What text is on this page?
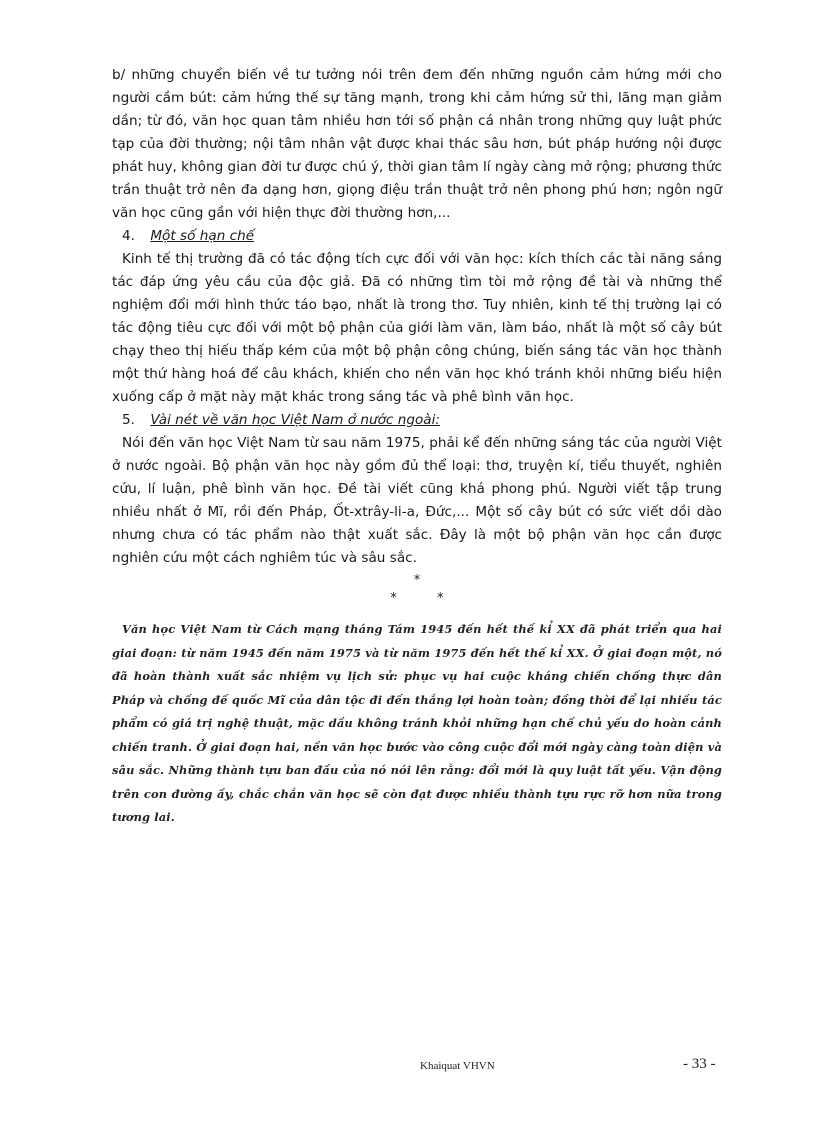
b/ những chuyển biến về tư tưởng nói trên đem đến những nguồn cảm hứng mới cho người cầm bút: cảm hứng thế sự tăng mạnh, trong khi cảm hứng sử thi, lãng mạn giảm dần; từ đó, văn học quan tâm nhiều hơn tới số phận cá nhân trong những quy luật phức tạp của đời thường; nội tâm nhân vật được khai thác sâu hơn, bút pháp hướng nội được phát huy, không gian đời tư được chú ý, thời gian tâm lí ngày càng mở rộng; phương thức trần thuật trở nên đa dạng hơn, giọng điệu trần thuật trở nên phong phú hơn; ngôn ngữ văn học cũng gần với hiện thực đời thường hơn,...

4. Một số hạn chế

Kinh tế thị trường đã có tác động tích cực đối với văn học: kích thích các tài năng sáng tác đáp ứng yêu cầu của độc giả. Đã có những tìm tòi mở rộng đề tài và những thể nghiệm đổi mới hình thức táo bạo, nhất là trong thơ. Tuy nhiên, kinh tế thị trường lại có tác động tiêu cực đối với một bộ phận của giới làm văn, làm báo, nhất là một số cây bút chạy theo thị hiếu thấp kém của một bộ phận công chúng, biến sáng tác văn học thành một thứ hàng hoá để câu khách, khiến cho nền văn học khó tránh khỏi những biểu hiện xuống cấp ở mặt này mặt khác trong sáng tác và phê bình văn học.

5. Vài nét về văn học Việt Nam ở nước ngoài:

Nói đến văn học Việt Nam từ sau năm 1975, phải kể đến những sáng tác của người Việt ở nước ngoài. Bộ phận văn học này gồm đủ thể loại: thơ, truyện kí, tiểu thuyết, nghiên cứu, lí luận, phê bình văn học. Đề tài viết cũng khá phong phú. Người viết tập trung nhiều nhất ở Mĩ, rồi đến Pháp, Ốt-xtrây-li-a, Đức,... Một số cây bút có sức viết dồi dào nhưng chưa có tác phẩm nào thật xuất sắc. Đây là một bộ phận văn học cần được nghiên cứu một cách nghiêm túc và sâu sắc.

*
* *

Văn học Việt Nam từ Cách mạng tháng Tám 1945 đến hết thế kỉ XX đã phát triển qua hai giai đoạn: từ năm 1945 đến năm 1975 và từ năm 1975 đến hết thế kỉ XX. Ở giai đoạn một, nó đã hoàn thành xuất sắc nhiệm vụ lịch sử: phục vụ hai cuộc kháng chiến chống thực dân Pháp và chống đế quốc Mĩ của dân tộc đi đến thắng lợi hoàn toàn; đồng thời để lại nhiều tác phẩm có giá trị nghệ thuật, mặc dầu không tránh khỏi những hạn chế chủ yếu do hoàn cảnh chiến tranh. Ở giai đoạn hai, nền văn học bước vào công cuộc đổi mới ngày càng toàn diện và sâu sắc. Những thành tựu ban đầu của nó nói lên rằng: đổi mới là quy luật tất yếu. Vận động trên con đường ấy, chắc chắn văn học sẽ còn đạt được nhiều thành tựu rực rỡ hơn nữa trong tương lai.

Khaiquat VHVN	- 33 -
